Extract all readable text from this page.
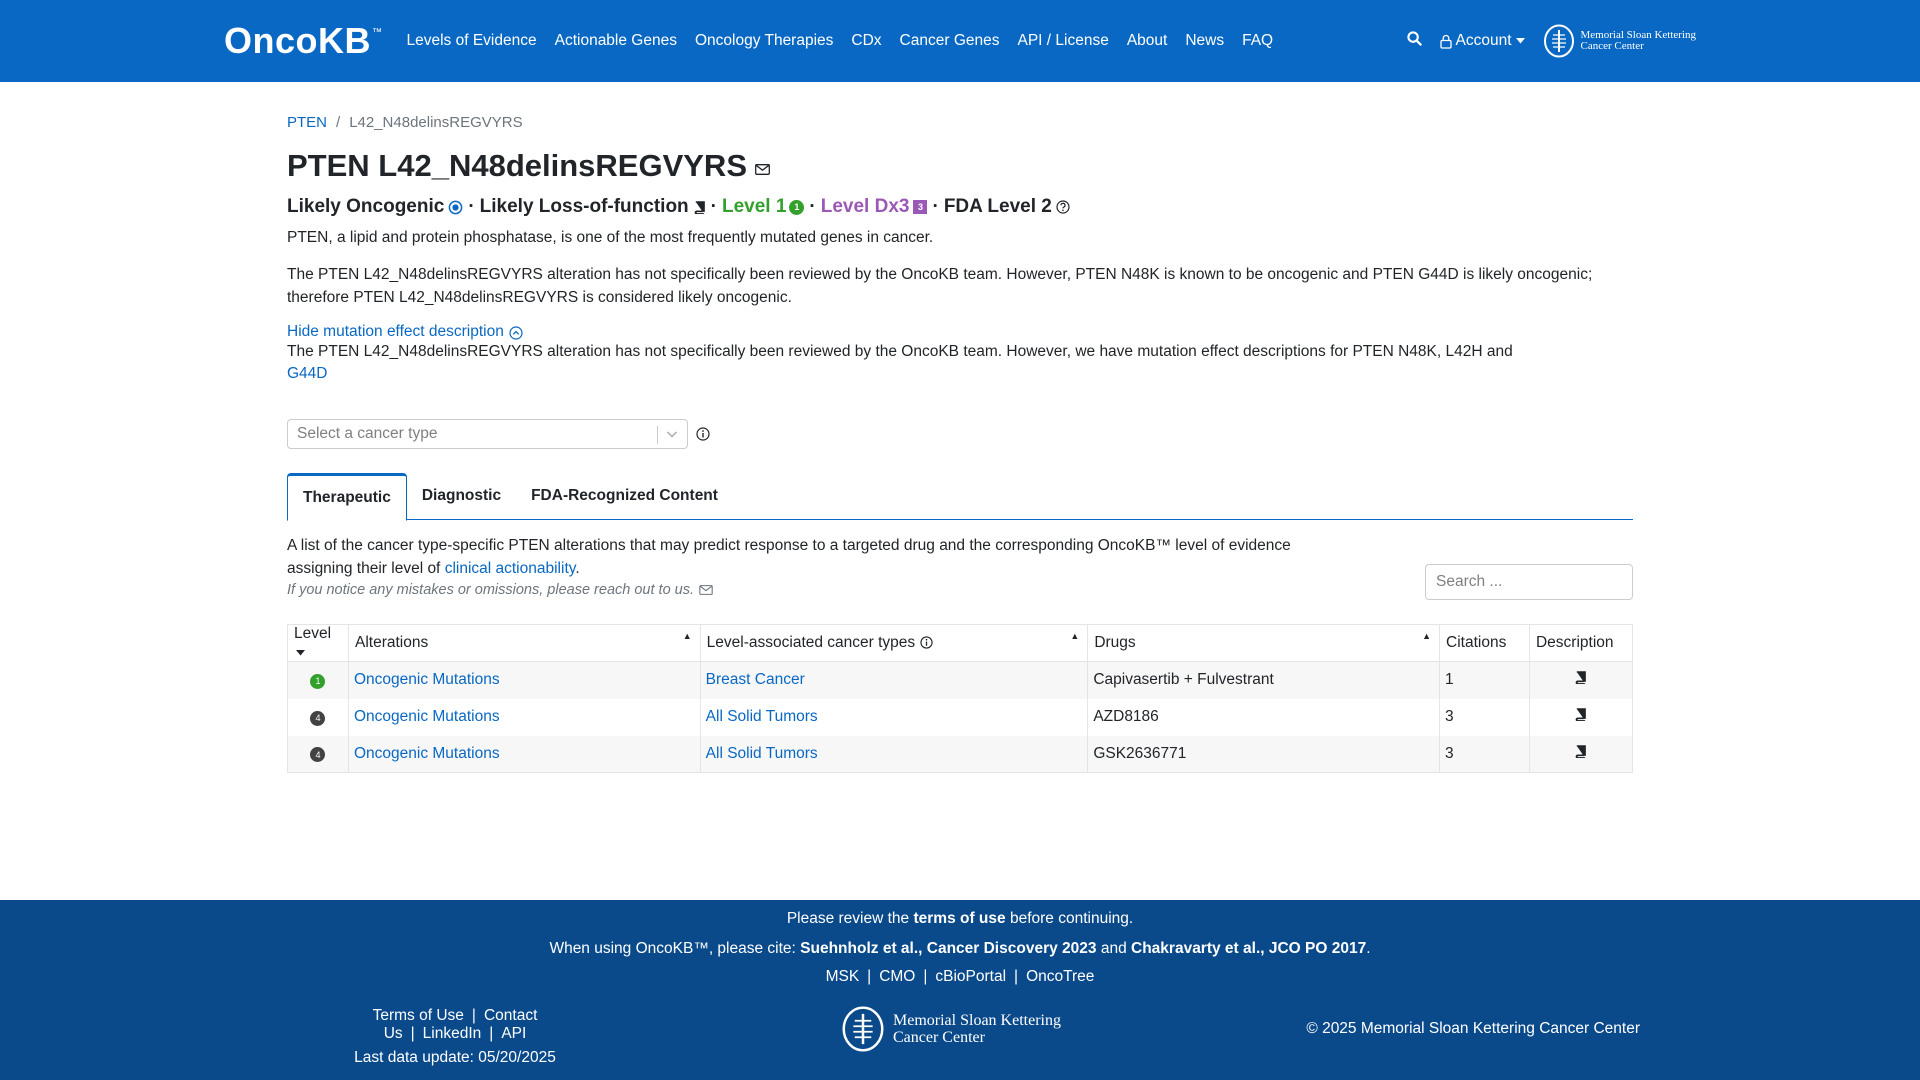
OncoKB ™ Levels of Evidence Actionable Genes Oncology Therapies CDx Cancer Genes API / License About News FAQ	Account	Memorial Sloan Kettering
Cancer Center
PTEN / L42_N48delinsREGVYRS
PTEN L42_N48delinsREGVYRS
Likely Oncogenic · Likely Loss-of-function · Level 1 1 · Level Dx3 3 · FDA Level 2

PTEN, a lipid and protein phosphatase, is one of the most frequently mutated genes in cancer.

The PTEN L42_N48delinsREGVYRS alteration has not specifically been reviewed by the OncoKB team. However, PTEN N48K is known to be oncogenic and PTEN G44D is likely oncogenic; therefore PTEN L42_N48delinsREGVYRS is considered likely oncogenic.

Hide mutation effect description
The PTEN L42_N48delinsREGVYRS alteration has not specifically been reviewed by the OncoKB team. However, we have mutation effect descriptions for PTEN N48K, L42H and
G44D
Select a cancer type
Therapeutic	Diagnostic	FDA-Recognized Content
A list of the cancer type-specific PTEN alterations that may predict response to a targeted drug and the corresponding OncoKB™ level of evidence assigning their level of clinical actionability.
If you notice any mistakes or omissions, please reach out to us.	Search ...
Level	Alterations ▲	Level-associated cancer types ▲	Drugs ▲	Citations	Description
1	Oncogenic Mutations	Breast Cancer	Capivasertib + Fulvestrant	1	
4	Oncogenic Mutations	All Solid Tumors	AZD8186	3	
4	Oncogenic Mutations	All Solid Tumors	GSK2636771	3	
Please review the terms of use before continuing.
When using OncoKB™, please cite: Suehnholz et al., Cancer Discovery 2023 and Chakravarty et al., JCO PO 2017.
MSK | CMO | cBioPortal | OncoTree
Terms of Use | Contact Us | LinkedIn | API
Last data update: 05/20/2025
Memorial Sloan Kettering
Cancer Center
© 2025 Memorial Sloan Kettering Cancer Center
